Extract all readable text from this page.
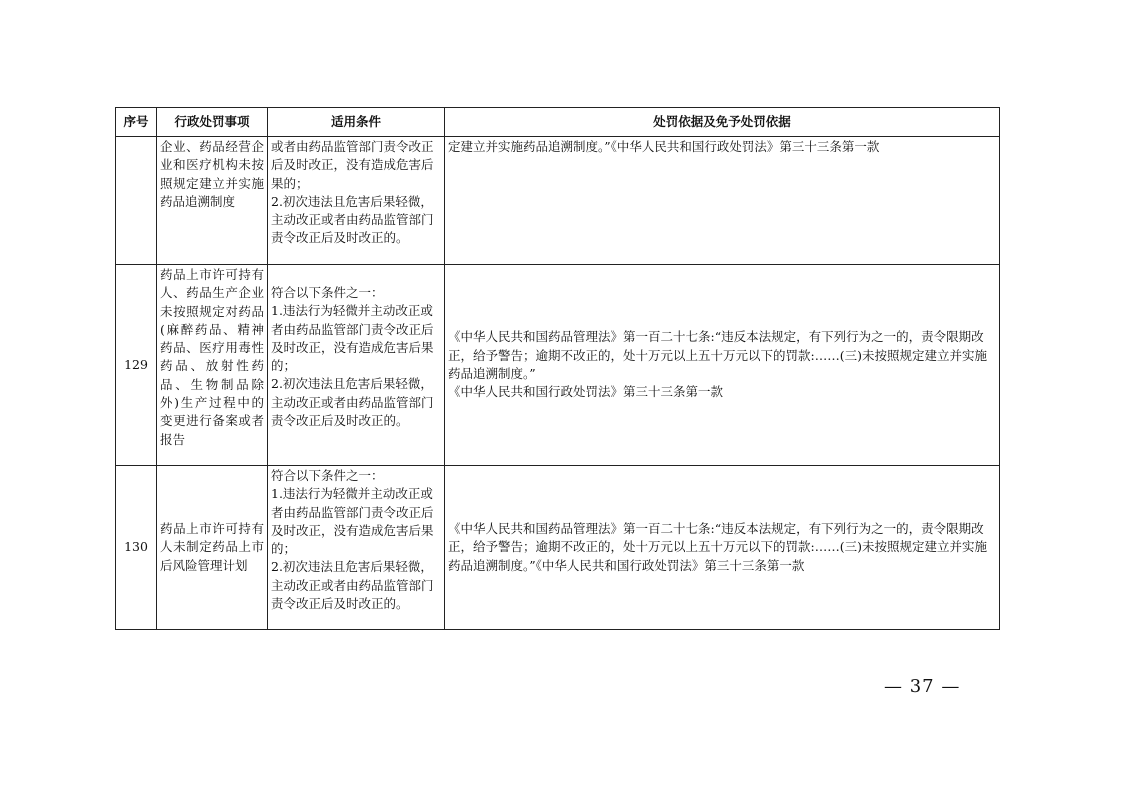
序号	行政处罚事项	适用条件	处罚依据及免予处罚依据
	企业、药品经营企业和医疗机构未按照规定建立并实施药品追溯制度	或者由药品监管部门责令改正后及时改正，没有造成危害后果的；
2.初次违法且危害后果轻微，主动改正或者由药品监管部门责令改正后及时改正的。	定建立并实施药品追溯制度。”《中华人民共和国行政处罚法》第三十三条第一款

129	药品上市许可持有人、药品生产企业未按照规定对药品(麻醉药品、精神药品、医疗用毒性药品、放射性药品、生物制品除外)生产过程中的变更进行备案或者报告	符合以下条件之一：
1.违法行为轻微并主动改正或者由药品监管部门责令改正后及时改正，没有造成危害后果的；
2.初次违法且危害后果轻微，主动改正或者由药品监管部门责令改正后及时改正的。	《中华人民共和国药品管理法》第一百二十七条:“违反本法规定，有下列行为之一的，责令限期改正，给予警告；逾期不改正的，处十万元以上五十万元以下的罚款:……(三)未按照规定建立并实施药品追溯制度。”
《中华人民共和国行政处罚法》第三十三条第一款

130	药品上市许可持有人未制定药品上市后风险管理计划	符合以下条件之一：
1.违法行为轻微并主动改正或者由药品监管部门责令改正后及时改正，没有造成危害后果的；
2.初次违法且危害后果轻微，主动改正或者由药品监管部门责令改正后及时改正的。	《中华人民共和国药品管理法》第一百二十七条:“违反本法规定，有下列行为之一的，责令限期改正，给予警告；逾期不改正的，处十万元以上五十万元以下的罚款:……(三)未按照规定建立并实施药品追溯制度。”《中华人民共和国行政处罚法》第三十三条第一款
— 37 —
